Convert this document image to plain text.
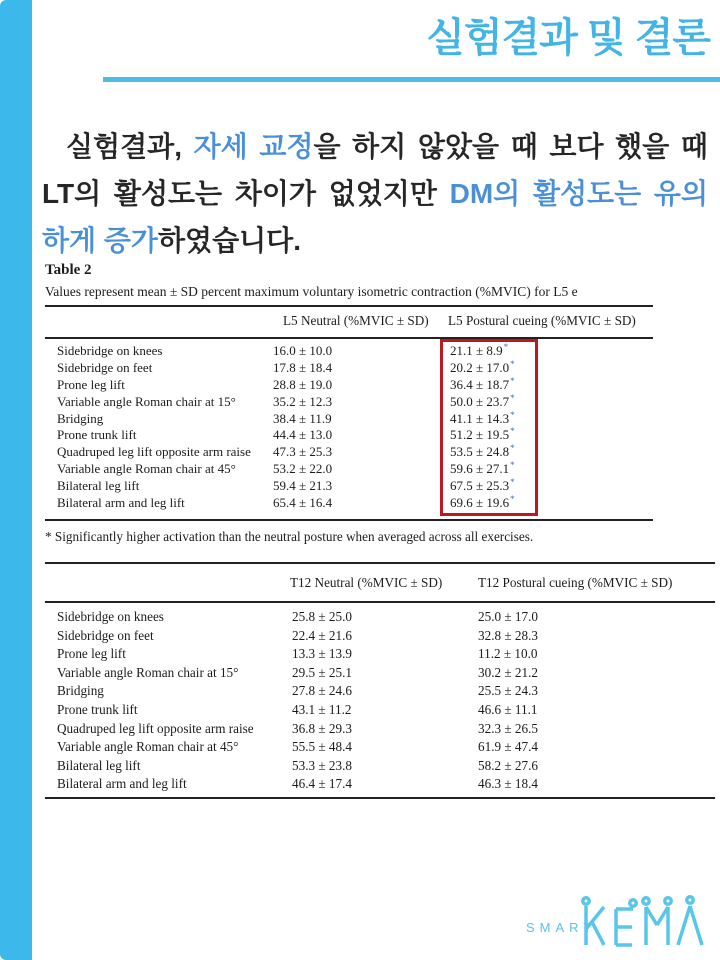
실험결과 및 결론
실험결과, 자세 교정을 하지 않았을 때 보다 했을 때
LT의 활성도는 차이가 없었지만 DM의 활성도는 유의
하게 증가하였습니다.
Table 2
Values represent mean ± SD percent maximum voluntary isometric contraction (%MVIC) for L5 e
L5 Neutral (%MVIC ± SD) L5 Postural cueing (%MVIC ± SD)
Sidebridge on knees	16.0 ± 10.0	21.1 ± 8.9*
Sidebridge on feet	17.8 ± 18.4	20.2 ± 17.0*
Prone leg lift	28.8 ± 19.0	36.4 ± 18.7*
Variable angle Roman chair at 15°	35.2 ± 12.3	50.0 ± 23.7*
Bridging	38.4 ± 11.9	41.1 ± 14.3*
Prone trunk lift	44.4 ± 13.0	51.2 ± 19.5*
Quadruped leg lift opposite arm raise 47.3 ± 25.3	53.5 ± 24.8*
Variable angle Roman chair at 45°	53.2 ± 22.0	59.6 ± 27.1*
Bilateral leg lift	59.4 ± 21.3	67.5 ± 25.3*
Bilateral arm and leg lift	65.4 ± 16.4	69.6 ± 19.6*
* Significantly higher activation than the neutral posture when averaged across all exercises.
T12 Neutral (%MVIC ± SD)	T12 Postural cueing (%MVIC ± SD)
Sidebridge on knees	25.8 ± 25.0	25.0 ± 17.0
Sidebridge on feet	22.4 ± 21.6	32.8 ± 28.3
Prone leg lift	13.3 ± 13.9	11.2 ± 10.0
Variable angle Roman chair at 15°	29.5 ± 25.1	30.2 ± 21.2
Bridging	27.8 ± 24.6	25.5 ± 24.3
Prone trunk lift	43.1 ± 11.2	46.6 ± 11.1
Quadruped leg lift opposite arm raise	36.8 ± 29.3	32.3 ± 26.5
Variable angle Roman chair at 45°	55.5 ± 48.4	61.9 ± 47.4
Bilateral leg lift	53.3 ± 23.8	58.2 ± 27.6
Bilateral arm and leg lift	46.4 ± 17.4	46.3 ± 18.4
SMART
